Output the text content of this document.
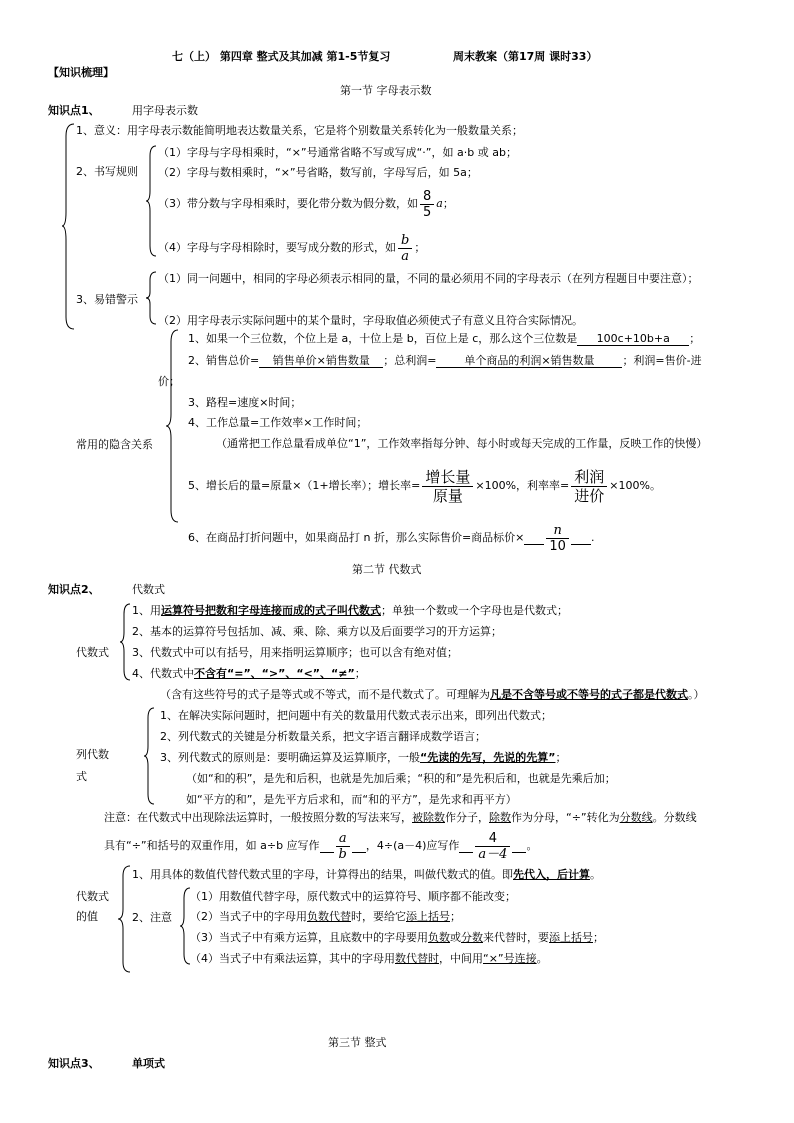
七（上） 第四章 整式及其加减 第1-5节复习	周末教案（第17周 课时33）
【知识梳理】
第一节 字母表示数
知识点1、	用字母表示数
1、意义：用字母表示数能简明地表达数量关系，它是将个别数量关系转化为一般数量关系；
2、书写规则
（1）字母与字母相乘时，“×”号通常省略不写或写成“·”，如 a·b 或 ab；
（2）字母与数相乘时，“×”号省略，数写前，字母写后，如 5a；
（3）带分数与字母相乘时，要化带分数为假分数，如 $\frac{8}{5}$ a；
（4）字母与字母相除时，要写成分数的形式，如 $\frac{b}{a}$ ；
3、易错警示
（1）同一问题中，相同的字母必须表示相同的量，不同的量必须用不同的字母表示（在列方程题目中要注意）；
（2）用字母表示实际问题中的某个量时，字母取值必须使式子有意义且符合实际情况。
常用的隐含关系
1、如果一个三位数，个位上是 a，十位上是 b，百位上是 c，那么这个三位数是 100c+10b+a ；
2、销售总价= 销售单价×销售数量 ；总利润=	单个商品的利润×销售数量	；利润=售价-进
价；
3、路程=速度×时间；
4、工作总量=工作效率×工作时间；
（通常把工作总量看成单位“1”，工作效率指每分钟、每小时或每天完成的工作量，反映工作的快慢）
5、增长后的量=原量×（1+增长率）；增长率= $\frac{\text{增长量}}{\text{原量}} \times 100\%$，利率率= $\frac{\text{利润}}{\text{进价}} \times 100\%$。
6、在商品打折问题中，如果商品打 n 折，那么实际售价=商品标价× $\frac{n}{10}$ .
第二节 代数式
知识点2、	代数式
代数式
1、用运算符号把数和字母连接而成的式子叫代数式；单独一个数或一个字母也是代数式；
2、基本的运算符号包括加、减、乘、除、乘方以及后面要学习的开方运算；
3、代数式中可以有括号，用来指明运算顺序；也可以含有绝对值；
4、代数式中不含有“=”、“>”、“<”、“≠”；
（含有这些符号的式子是等式或不等式，而不是代数式了。可理解为凡是不含等号或不等号的式子都是代数式。）
列代数
式
1、在解决实际问题时，把问题中有关的数量用代数式表示出来，即列出代数式；
2、列代数式的关键是分析数量关系，把文字语言翻译成数学语言；
3、列代数式的原则是：要明确运算及运算顺序，一般“先读的先写，先说的先算”；
（如“和的积”，是先和后积，也就是先加后乘；“积的和”是先积后和，也就是先乘后加；
如“平方的和”，是先平方后求和，而“和的平方”，是先求和再平方）
注意：在代数式中出现除法运算时，一般按照分数的写法来写，被除数作分子，除数作为分母，“÷”转化为分数线。分数线
具有“÷”和括号的双重作用，如 a÷b 应写作 $\frac{a}{b}$ ，4÷(a－4)应写作 $\frac{4}{a-4}$ 。
代数式
的值
1、用具体的数值代替代数式里的字母，计算得出的结果，叫做代数式的值。即先代入，后计算。
2、注意
（1）用数值代替字母，原代数式中的运算符号、顺序都不能改变；
（2）当式子中的字母用负数代替时，要给它添上括号；
（3）当式子中有乘方运算，且底数中的字母要用负数或分数来代替时，要添上括号；
（4）当式子中有乘法运算，其中的字母用数代替时，中间用“×”号连接。
第三节 整式
知识点3、	单项式
